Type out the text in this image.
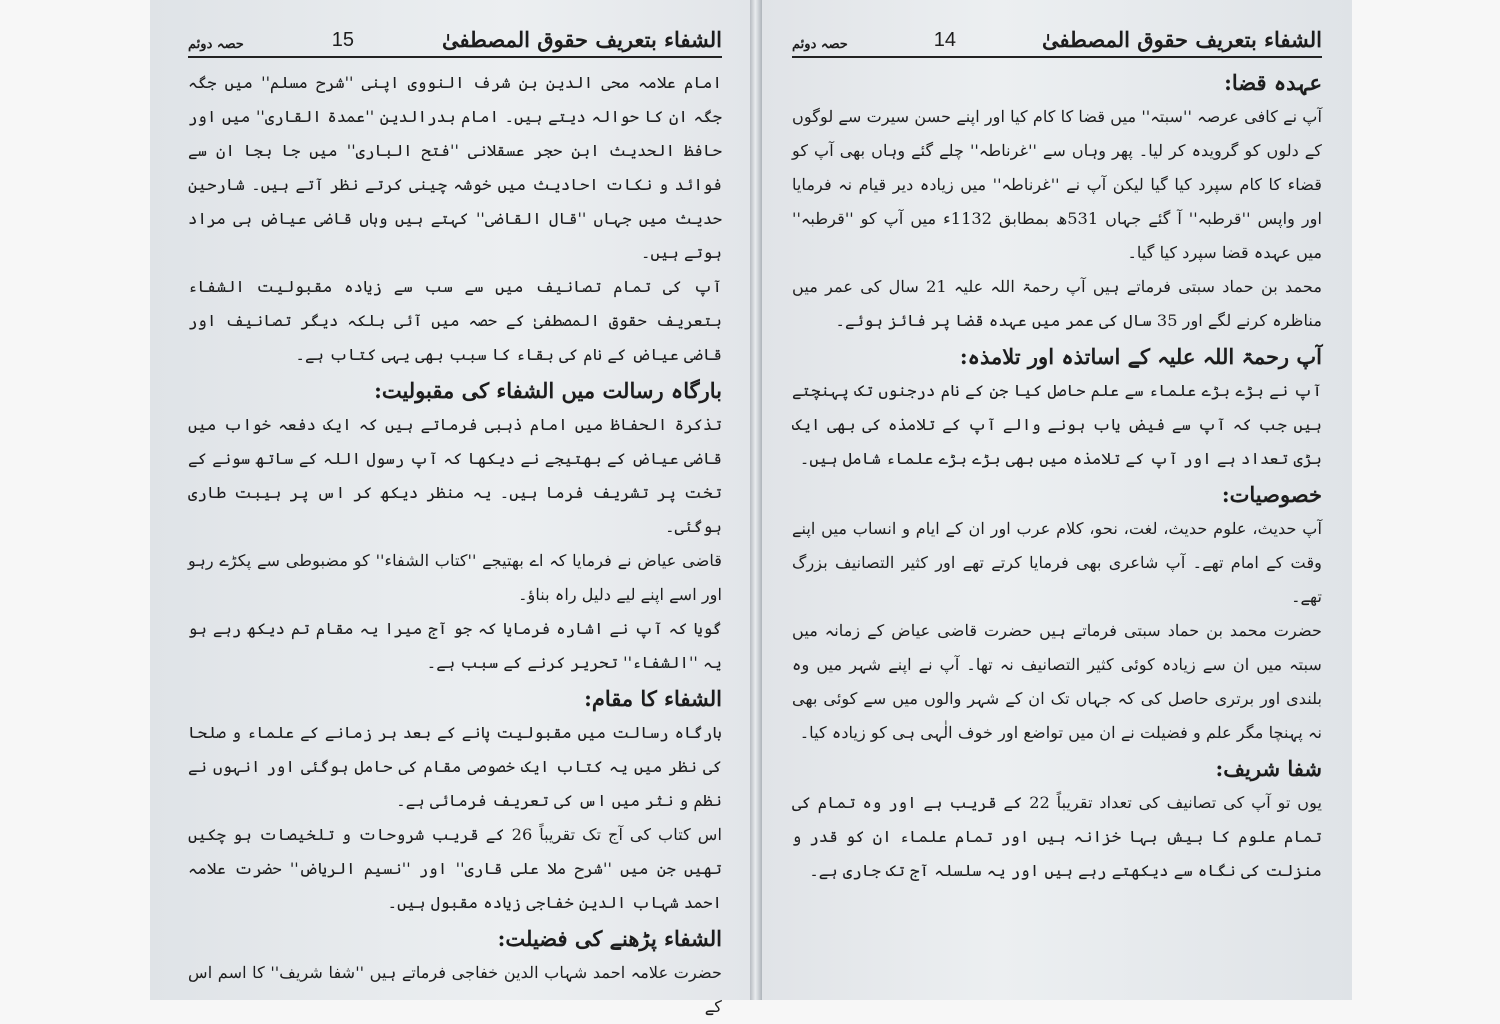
الشفاء بتعریف حقوق المصطفیٰ
15
حصہ دوئم

امام علامہ محی الدین بن شرف النووی اپنی ''شرح مسلم'' میں جگہ جگہ ان کا حوالہ دیتے ہیں۔ امام بدرالدین ''عمدۃ القاری'' میں اور حافظ الحدیث ابن حجر عسقلانی ''فتح الباری'' میں جا بجا ان سے فوائد و نکات احادیث میں خوشہ چینی کرتے نظر آتے ہیں۔ شارحین حدیث میں جہاں ''قال القاضی'' کہتے ہیں وہاں قاضی عیاض ہی مراد ہوتے ہیں۔

آپ کی تمام تصانیف میں سے سب سے زیادہ مقبولیت الشفاء بتعریف حقوق المصطفیٰ کے حصہ میں آئی بلکہ دیگر تصانیف اور قاضی عیاض کے نام کی بقاء کا سبب بھی یہی کتاب ہے۔

بارگاہ رسالت میں الشفاء کی مقبولیت:

تذکرۃ الحفاظ میں امام ذہبی فرماتے ہیں کہ ایک دفعہ خواب میں قاضی عیاض کے بھتیجے نے دیکھا کہ آپ رسول اللہ کے ساتھ سونے کے تخت پر تشریف فرما ہیں۔ یہ منظر دیکھ کر اس پر ہیبت طاری ہوگئی۔

قاضی عیاض نے فرمایا کہ اے بھتیجے ''کتاب الشفاء'' کو مضبوطی سے پکڑے رہو اور اسے اپنے لیے دلیل راہ بناؤ۔

گویا کہ آپ نے اشارہ فرمایا کہ جو آج میرا یہ مقام تم دیکھ رہے ہو یہ ''الشفاء'' تحریر کرنے کے سبب ہے۔

الشفاء کا مقام:

بارگاہ رسالت میں مقبولیت پانے کے بعد ہر زمانے کے علماء و صلحا کی نظر میں یہ کتاب ایک خصوصی مقام کی حامل ہوگئی اور انہوں نے نظم و نثر میں اس کی تعریف فرمائی ہے۔

اس کتاب کی آج تک تقریباً 26 کے قریب شروحات و تلخیصات ہو چکیں تھیں جن میں ''شرح ملا علی قاری'' اور ''نسیم الریاض'' حضرت علامہ احمد شہاب الدین خفاجی زیادہ مقبول ہیں۔

الشفاء پڑھنے کی فضیلت:

حضرت علامہ احمد شہاب الدین خفاجی فرماتے ہیں ''شفا شریف'' کا اسم اس کے

الشفاء بتعریف حقوق المصطفیٰ
14
حصہ دوئم

عہدہ قضا:

آپ نے کافی عرصہ ''سبتہ'' میں قضا کا کام کیا اور اپنے حسن سیرت سے لوگوں کے دلوں کو گرویدہ کر لیا۔ پھر وہاں سے ''غرناطہ'' چلے گئے وہاں بھی آپ کو قضاء کا کام سپرد کیا گیا لیکن آپ نے ''غرناطہ'' میں زیادہ دیر قیام نہ فرمایا اور واپس ''قرطبہ'' آ گئے جہاں 531ھ بمطابق 1132ء میں آپ کو ''قرطبہ'' میں عہدہ قضا سپرد کیا گیا۔

محمد بن حماد سبتی فرماتے ہیں آپ رحمۃ اللہ علیہ 21 سال کی عمر میں مناظرہ کرنے لگے اور 35 سال کی عمر میں عہدہ قضا پر فائز ہوئے۔

آپ رحمۃ اللہ علیہ کے اساتذہ اور تلامذہ:

آپ نے بڑے بڑے علماء سے علم حاصل کیا جن کے نام درجنوں تک پہنچتے ہیں جب کہ آپ سے فیض یاب ہونے والے آپ کے تلامذہ کی بھی ایک بڑی تعداد ہے اور آپ کے تلامذہ میں بھی بڑے بڑے علماء شامل ہیں۔

خصوصیات:

آپ حدیث، علوم حدیث، لغت، نحو، کلام عرب اور ان کے ایام و انساب میں اپنے وقت کے امام تھے۔ آپ شاعری بھی فرمایا کرتے تھے اور کثیر التصانیف بزرگ تھے۔

حضرت محمد بن حماد سبتی فرماتے ہیں حضرت قاضی عیاض کے زمانہ میں سبتہ میں ان سے زیادہ کوئی کثیر التصانیف نہ تھا۔ آپ نے اپنے شہر میں وہ بلندی اور برتری حاصل کی کہ جہاں تک ان کے شہر والوں میں سے کوئی بھی نہ پہنچا مگر علم و فضیلت نے ان میں تواضع اور خوف الٰہی ہی کو زیادہ کیا۔

شفا شریف:

یوں تو آپ کی تصانیف کی تعداد تقریباً 22 کے قریب ہے اور وہ تمام کی تمام علوم کا بیش بہا خزانہ ہیں اور تمام علماء ان کو قدر و منزلت کی نگاہ سے دیکھتے رہے ہیں اور یہ سلسلہ آج تک جاری ہے۔
